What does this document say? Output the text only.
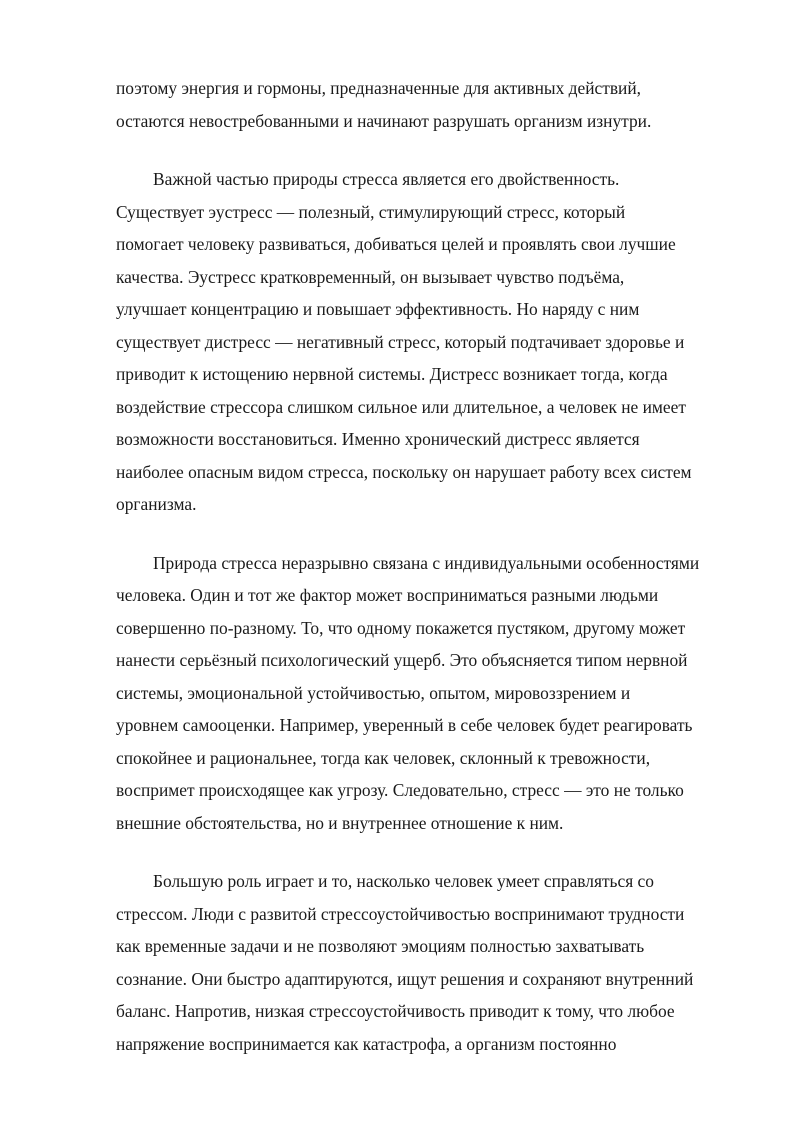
поэтому энергия и гормоны, предназначенные для активных действий,
остаются невостребованными и начинают разрушать организм изнутри.

Важной частью природы стресса является его двойственность.
Существует эустресс — полезный, стимулирующий стресс, который
помогает человеку развиваться, добиваться целей и проявлять свои лучшие
качества. Эустресс кратковременный, он вызывает чувство подъёма,
улучшает концентрацию и повышает эффективность. Но наряду с ним
существует дистресс — негативный стресс, который подтачивает здоровье и
приводит к истощению нервной системы. Дистресс возникает тогда, когда
воздействие стрессора слишком сильное или длительное, а человек не имеет
возможности восстановиться. Именно хронический дистресс является
наиболее опасным видом стресса, поскольку он нарушает работу всех систем
организма.

Природа стресса неразрывно связана с индивидуальными особенностями
человека. Один и тот же фактор может восприниматься разными людьми
совершенно по-разному. То, что одному покажется пустяком, другому может
нанести серьёзный психологический ущерб. Это объясняется типом нервной
системы, эмоциональной устойчивостью, опытом, мировоззрением и
уровнем самооценки. Например, уверенный в себе человек будет реагировать
спокойнее и рациональнее, тогда как человек, склонный к тревожности,
воспримет происходящее как угрозу. Следовательно, стресс — это не только
внешние обстоятельства, но и внутреннее отношение к ним.

Большую роль играет и то, насколько человек умеет справляться со
стрессом. Люди с развитой стрессоустойчивостью воспринимают трудности
как временные задачи и не позволяют эмоциям полностью захватывать
сознание. Они быстро адаптируются, ищут решения и сохраняют внутренний
баланс. Напротив, низкая стрессоустойчивость приводит к тому, что любое
напряжение воспринимается как катастрофа, а организм постоянно
